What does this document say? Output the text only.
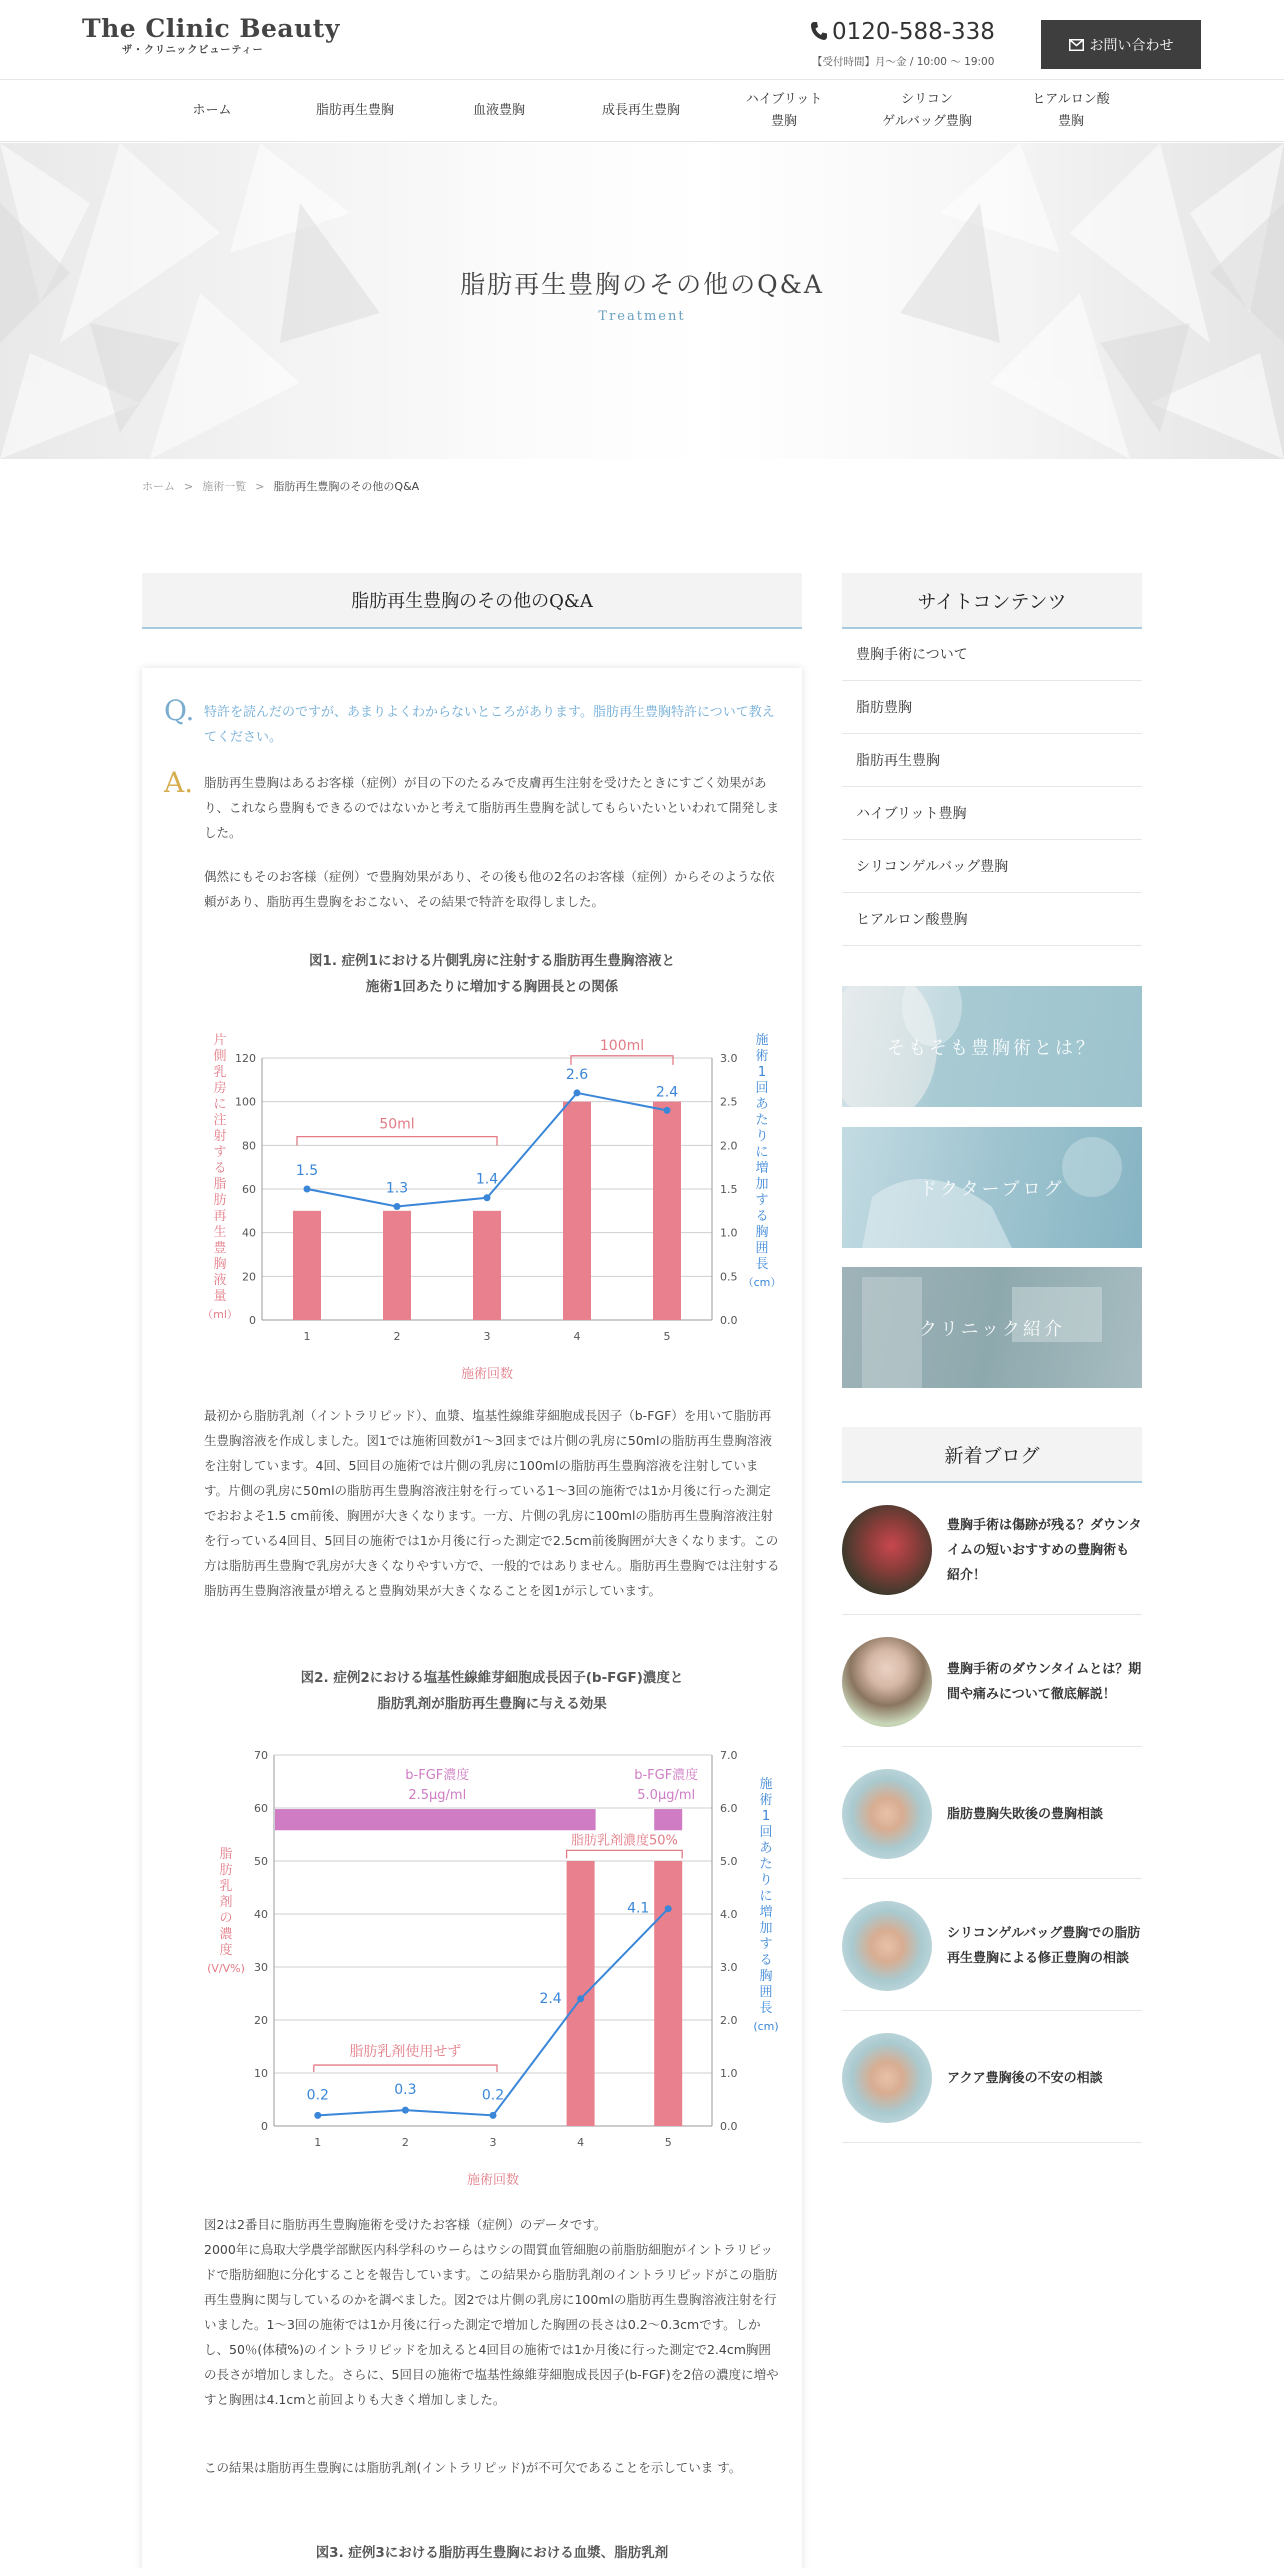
The Clinic Beauty
ザ・クリニックビューティー
0120-588-338
【受付時間】月～金 / 10:00 ～ 19:00
お問い合わせ
ホーム	脂肪再生豊胸	血液豊胸	成長再生豊胸
ハイブリット
豊胸
シリコン
ゲルバッグ豊胸
ヒアルロン酸
豊胸
脂肪再生豊胸のその他のQ&A
Treatment
ホーム > 施術一覧 > 脂肪再生豊胸のその他のQ&A
脂肪再生豊胸のその他のQ&A
Q. 特許を読んだのですが、あまりよくわからないところがあります。脂肪再生豊胸特許について教えてください。
A. 脂肪再生豊胸はあるお客様（症例）が目の下のたるみで皮膚再生注射を受けたときにすごく効果があり、これなら豊胸もできるのではないかと考えて脂肪再生豊胸を試してもらいたいといわれて開発しました。
偶然にもそのお客様（症例）で豊胸効果があり、その後も他の2名のお客様（症例）からそのような依頼があり、脂肪再生豊胸をおこない、その結果で特許を取得しました。
図1. 症例1における片側乳房に注射する脂肪再生豊胸溶液と
施術1回あたりに増加する胸囲長との関係
0
20
40
60
80
100
120
0.0
0.5
1.0
1.5
2.0
2.5
3.0
1	2	3	4	5
1.5
1.3
1.4
2.6
2.4
施術回数
片
側
乳
房
に
注
射
す
る
脂
肪
再
生
豊
胸
液
量
（ml）
施
術
1
回
あ
た
り
に
増
加
す
る
胸
囲
長
（cm）
50ml
100ml
最初から脂肪乳剤（イントラリピッド）、血漿、塩基性線維芽細胞成長因子（b-FGF）を用いて脂肪再生豊胸溶液を作成しました。図1では施術回数が1～3回までは片側の乳房に50mlの脂肪再生豊胸溶液を注射しています。4回、5回目の施術では片側の乳房に100mlの脂肪再生豊胸溶液を注射しています。片側の乳房に50mlの脂肪再生豊胸溶液注射を行っている1～3回の施術では1か月後に行った測定でおおよそ1.5 cm前後、胸囲が大きくなります。一方、片側の乳房に100mlの脂肪再生豊胸溶液注射を行っている4回目、5回目の施術では1か月後に行った測定で2.5cm前後胸囲が大きくなります。この方は脂肪再生豊胸で乳房が大きくなりやすい方で、一般的ではありません。脂肪再生豊胸では注射する脂肪再生豊胸溶液量が増えると豊胸効果が大きくなることを図1が示しています。
図2. 症例2における塩基性線維芽細胞成長因子(b-FGF)濃度と
脂肪乳剤が脂肪再生豊胸に与える効果
0
10
20
30
40
50
60
70
0.0
1.0
2.0
3.0
4.0
5.0
6.0
7.0
1	2	3	4	5
0.2	0.3	0.2
2.4
4.1
施術回数
脂
肪
乳
剤
の
濃
度
(V/V%)
施
術
1
回
あ
た
り
に
増
加
す
る
胸
囲
長
(cm)
b-FGF濃度
2.5μg/ml
b-FGF濃度
5.0μg/ml
脂肪乳剤濃度50%
脂肪乳剤使用せず
図2は2番目に脂肪再生豊胸施術を受けたお客様（症例）のデータです。
2000年に鳥取大学農学部獣医内科学科のウーらはウシの間質血管細胞の前脂肪細胞がイントラリピッドで脂肪細胞に分化することを報告しています。この結果から脂肪乳剤のイントラリピッドがこの脂肪再生豊胸に関与しているのかを調べました。図2では片側の乳房に100mlの脂肪再生豊胸溶液注射を行いました。1～3回の施術では1か月後に行った測定で増加した胸囲の長さは0.2～0.3cmです。しかし、50％(体積%)のイントラリピッドを加えると4回目の施術では1か月後に行った測定で2.4cm胸囲の長さが増加しました。さらに、5回目の施術で塩基性線維芽細胞成長因子(b-FGF)を2倍の濃度に増やすと胸囲は4.1cmと前回よりも大きく増加しました。
この結果は脂肪再生豊胸には脂肪乳剤(イントラリピッド)が不可欠であることを示していま す。
図3. 症例3における脂肪再生豊胸における血漿、脂肪乳剤
サイトコンテンツ
豊胸手術について
脂肪豊胸
脂肪再生豊胸
ハイブリット豊胸
シリコンゲルバッグ豊胸
ヒアルロン酸豊胸
そもそも豊胸術とは？
ドクターブログ
クリニック紹介
新着ブログ
豊胸手術は傷跡が残る？ダウンタイムの短いおすすめの豊胸術も紹介！
豊胸手術のダウンタイムとは？期間や痛みについて徹底解説！
脂肪豊胸失敗後の豊胸相談
シリコンゲルバッグ豊胸での脂肪再生豊胸による修正豊胸の相談
アクア豊胸後の不安の相談
